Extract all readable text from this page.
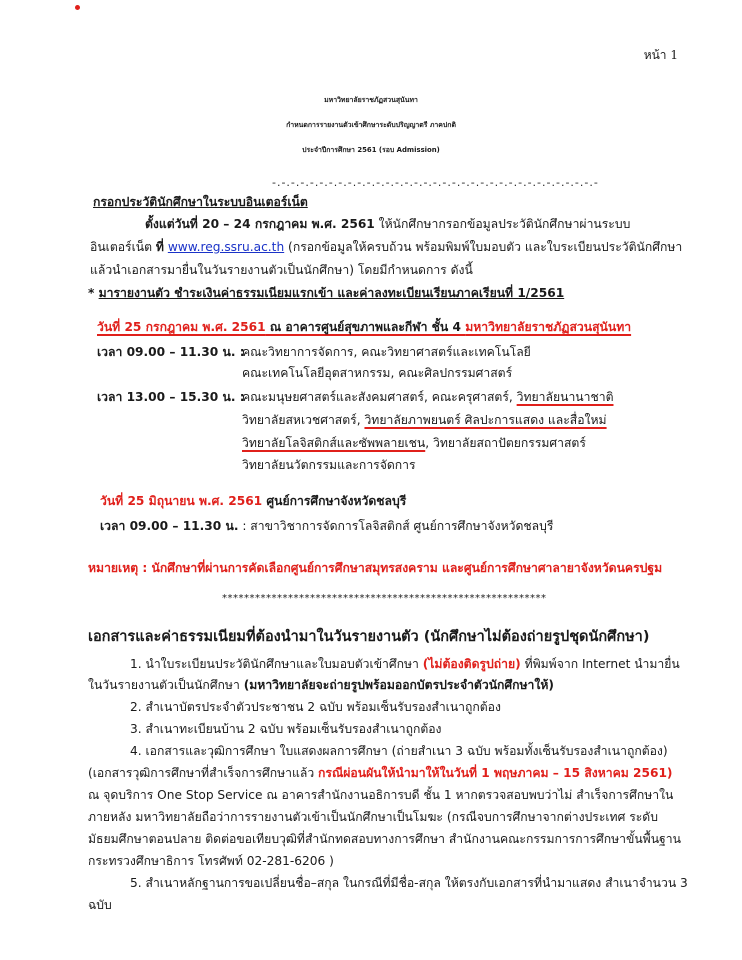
หน้า 1
มหาวิทยาลัยราชภัฏสวนสุนันทา
กำหนดการรายงานตัวเข้าศึกษาระดับปริญญาตรี ภาคปกติ
ประจำปีการศึกษา 2561 (รอบ Admission)
-.-.-.-.-.-.-.-.-.-.-.-.-.-.-.-.-.-.-.-.-.-.-.-.-.-.-.-.-.-.-.-.-.-.-
กรอกประวัตินักศึกษาในระบบอินเตอร์เน็ต
ตั้งแต่วันที่ 20 – 24 กรกฎาคม พ.ศ. 2561 ให้นักศึกษากรอกข้อมูลประวัตินักศึกษาผ่านระบบ
อินเตอร์เน็ต ที่ www.reg.ssru.ac.th (กรอกข้อมูลให้ครบถ้วน พร้อมพิมพ์ใบมอบตัว และใบระเบียนประวัตินักศึกษา
แล้วนำเอกสารมายื่นในวันรายงานตัวเป็นนักศึกษา) โดยมีกำหนดการ ดังนี้
* มารายงานตัว ชำระเงินค่าธรรมเนียมแรกเข้า และค่าลงทะเบียนเรียนภาคเรียนที่ 1/2561
วันที่ 25 กรกฎาคม พ.ศ. 2561 ณ อาคารศูนย์สุขภาพและกีฬา ชั้น 4 มหาวิทยาลัยราชภัฏสวนสุนันทา
เวลา 09.00 – 11.30 น. :
คณะวิทยาการจัดการ, คณะวิทยาศาสตร์และเทคโนโลยี
คณะเทคโนโลยีอุตสาหกรรม, คณะศิลปกรรมศาสตร์
เวลา 13.00 – 15.30 น. :
คณะมนุษยศาสตร์และสังคมศาสตร์, คณะครุศาสตร์, วิทยาลัยนานาชาติ
วิทยาลัยสหเวชศาสตร์, วิทยาลัยภาพยนตร์ ศิลปะการแสดง และสื่อใหม่
วิทยาลัยโลจิสติกส์และซัพพลายเชน, วิทยาลัยสถาปัตยกรรมศาสตร์
วิทยาลัยนวัตกรรมและการจัดการ
วันที่ 25 มิถุนายน พ.ศ. 2561 ศูนย์การศึกษาจังหวัดชลบุรี
เวลา 09.00 – 11.30 น. : สาขาวิชาการจัดการโลจิสติกส์ ศูนย์การศึกษาจังหวัดชลบุรี
หมายเหตุ : นักศึกษาที่ผ่านการคัดเลือกศูนย์การศึกษาสมุทรสงคราม และศูนย์การศึกษาศาลายาจังหวัดนครปฐม
***********************************************************
เอกสารและค่าธรรมเนียมที่ต้องนำมาในวันรายงานตัว (นักศึกษาไม่ต้องถ่ายรูปชุดนักศึกษา)
1. นำใบระเบียนประวัตินักศึกษาและใบมอบตัวเข้าศึกษา (ไม่ต้องติดรูปถ่าย) ที่พิมพ์จาก Internet นำมายื่น
ในวันรายงานตัวเป็นนักศึกษา (มหาวิทยาลัยจะถ่ายรูปพร้อมออกบัตรประจำตัวนักศึกษาให้)
2. สำเนาบัตรประจำตัวประชาชน 2 ฉบับ พร้อมเซ็นรับรองสำเนาถูกต้อง
3. สำเนาทะเบียนบ้าน 2 ฉบับ พร้อมเซ็นรับรองสำเนาถูกต้อง
4. เอกสารและวุฒิการศึกษา ใบแสดงผลการศึกษา (ถ่ายสำเนา 3 ฉบับ พร้อมทั้งเซ็นรับรองสำเนาถูกต้อง)
(เอกสารวุฒิการศึกษาที่สำเร็จการศึกษาแล้ว กรณีผ่อนผันให้นำมาให้ในวันที่ 1 พฤษภาคม – 15 สิงหาคม 2561)
ณ จุดบริการ One Stop Service ณ อาคารสำนักงานอธิการบดี ชั้น 1 หากตรวจสอบพบว่าไม่ สำเร็จการศึกษาใน
ภายหลัง มหาวิทยาลัยถือว่าการรายงานตัวเข้าเป็นนักศึกษาเป็นโมฆะ (กรณีจบการศึกษาจากต่างประเทศ ระดับ
มัธยมศึกษาตอนปลาย ติดต่อขอเทียบวุฒิที่สำนักทดสอบทางการศึกษา สำนักงานคณะกรรมการการศึกษาขั้นพื้นฐาน
กระทรวงศึกษาธิการ โทรศัพท์ 02-281-6206 )
5. สำเนาหลักฐานการขอเปลี่ยนชื่อ–สกุล ในกรณีที่มีชื่อ-สกุล ให้ตรงกับเอกสารที่นำมาแสดง สำเนาจำนวน 3
ฉบับ
